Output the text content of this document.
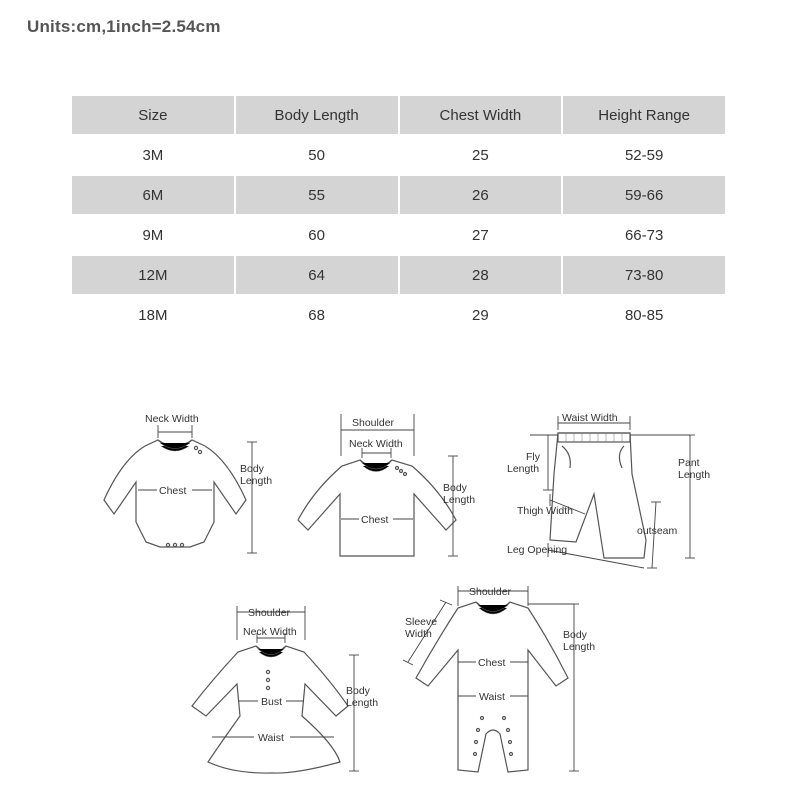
Units:cm,1inch=2.54cm
Size	Body Length	Chest Width	Height Range
3M	50	25	52-59
6M	55	26	59-66
9M	60	27	66-73
12M	64	28	73-80
18M	68	29	80-85
Neck Width
Chest
Body
Length
Shoulder
Neck Width
Chest
Body
Length
Waist Width
Fly
Length	Pant
Length
Thigh Width
outseam
Leg Opening
Shoulder
Neck Width
Bust
Waist
Body
Length
Shoulder
Sleeve
Width
Chest
Waist
Body
Length
